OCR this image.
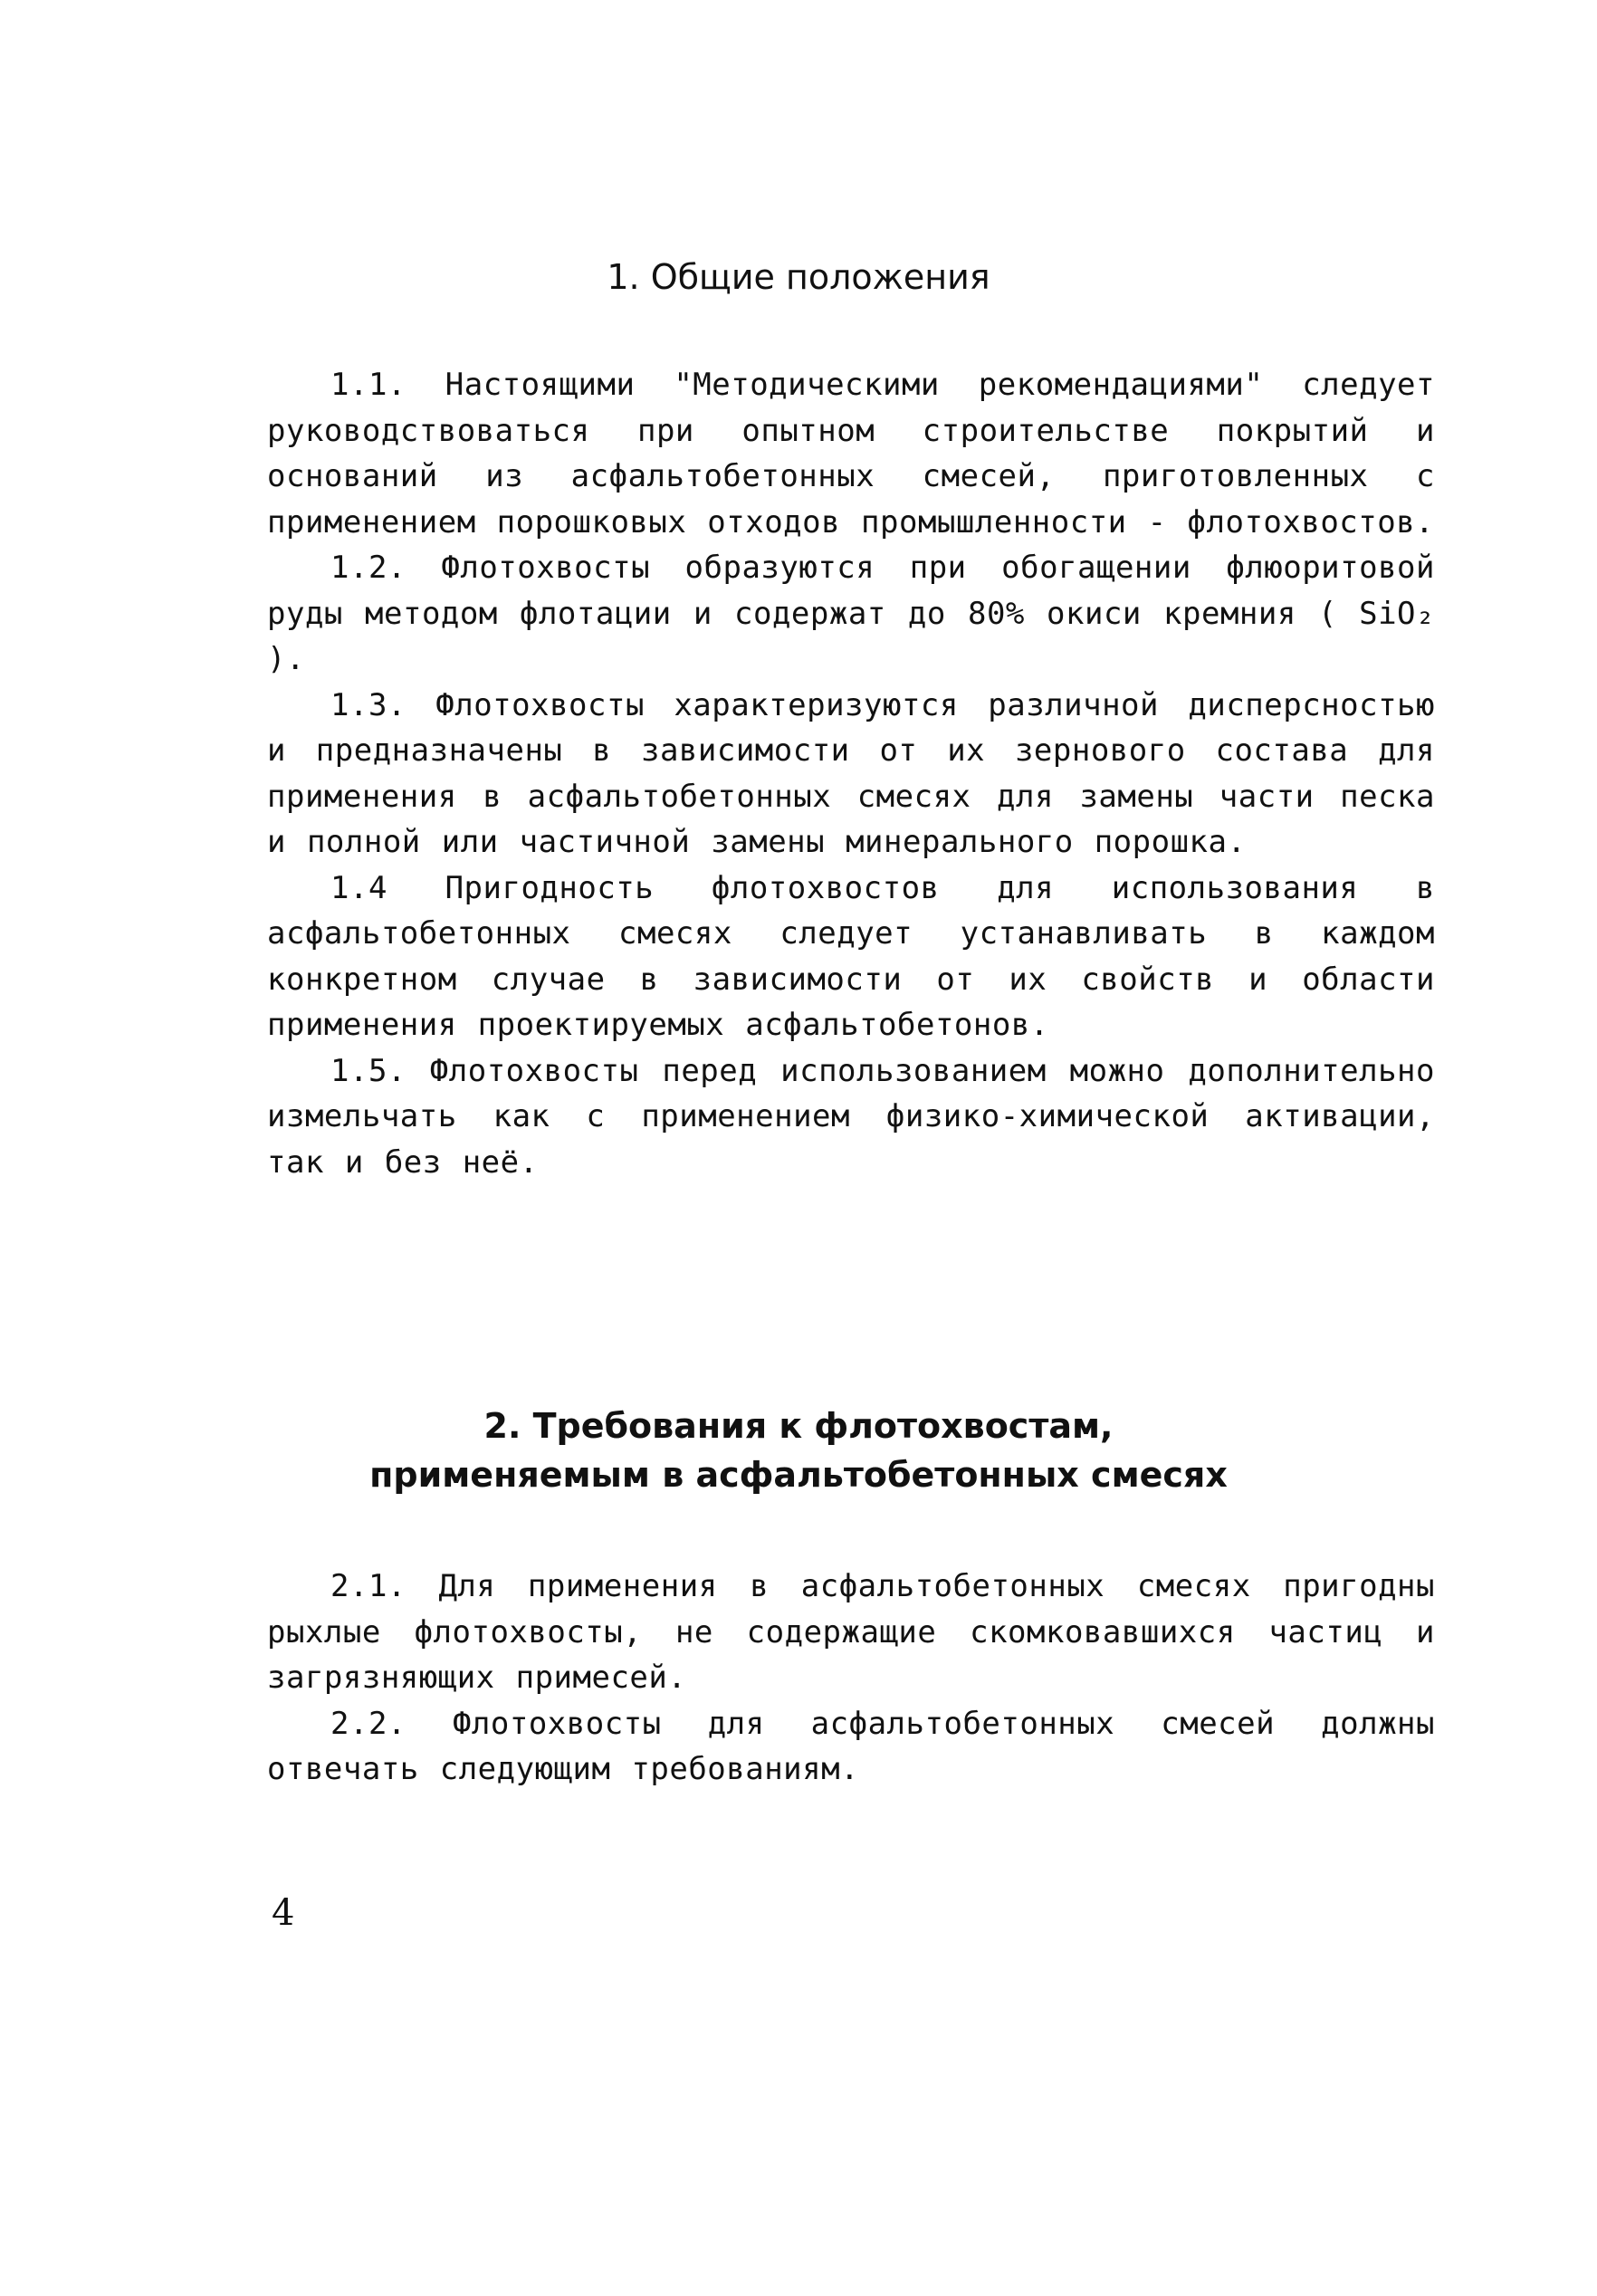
1. Общие положения

1.1. Настоящими "Методическими рекомендациями" следует руководствоваться при опытном строительстве покрытий и оснований из асфальтобетонных смесей, приготовленных с применением порошковых отходов промышленности - флотохвостов.

1.2. Флотохвосты образуются при обогащении флюоритовой руды методом флотации и содержат до 80% окиси кремния ( SiO₂ ).

1.3. Флотохвосты характеризуются различной дисперсностью и предназначены в зависимости от их зернового состава для применения в асфальтобетонных смесях для замены части песка и полной или частичной замены минерального порошка.

1.4 Пригодность флотохвостов для использования в асфальтобетонных смесях следует устанавливать в каждом конкретном случае в зависимости от их свойств и области применения проектируемых асфальтобетонов.

1.5. Флотохвосты перед использованием можно дополнительно измельчать как с применением физико-химической активации, так и без неё.

2. Требования к флотохвостам,
применяемым в асфальтобетонных смесях

2.1. Для применения в асфальтобетонных смесях пригодны рыхлые флотохвосты, не содержащие скомковавшихся частиц и загрязняющих примесей.

2.2. Флотохвосты для асфальтобетонных смесей должны отвечать следующим требованиям.

4
